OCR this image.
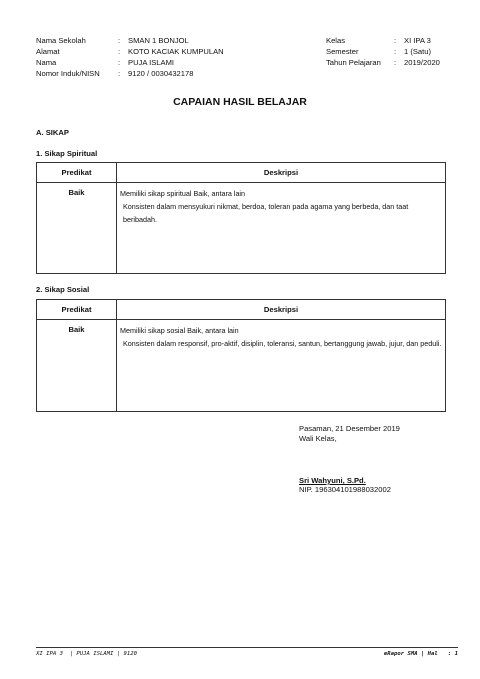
Nama Sekolah	:	SMAN 1 BONJOL
Alamat	:	KOTO KACIAK KUMPULAN
Nama	:	PUJA ISLAMI
Nomor Induk/NISN	:	9120 / 0030432178
Kelas	:	XI IPA 3
Semester	:	1 (Satu)
Tahun Pelajaran	:	2019/2020
CAPAIAN HASIL BELAJAR
A. SIKAP
1. Sikap Spiritual
Predikat	Deskripsi
Baik	Memiliki sikap spiritual Baik, antara lain
Konsisten dalam mensyukuri nikmat, berdoa, toleran pada agama yang berbeda, dan taat beribadah.
2. Sikap Sosial
Predikat	Deskripsi
Baik	Memiliki sikap sosial Baik, antara lain
Konsisten dalam responsif, pro-aktif, disiplin, toleransi, santun, bertanggung jawab, jujur, dan peduli.
Pasaman, 21 Desember 2019
Wali Kelas,
Sri Wahyuni, S.Pd.
NIP. 196304101988032002
XI IPA 3  | PUJA ISLAMI | 9120	eRapor SMA | Hal   : 1
